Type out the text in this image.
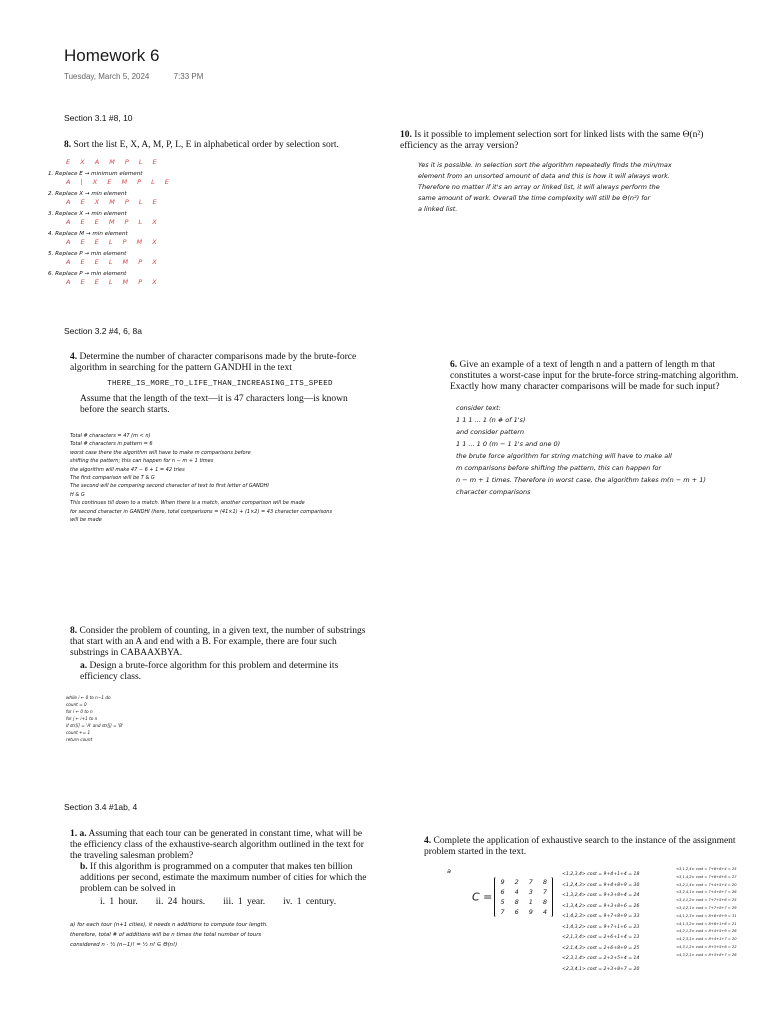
Homework 6
Tuesday, March 5, 2024	7:33 PM
Section 3.1 #8, 10
8. Sort the list E, X, A, M, P, L, E in alphabetical order by selection sort.
E X A M P L E
1. Replace E → minimum element
A | X E M P L E
2. Replace X → min element
A E X M P L E
3. Replace X → min element
A E E M P L X
4. Replace M → min element
A E E L P M X
5. Replace P → min element
A E E L M P X
6. Replace P → min element
A E E L M P X
10. Is it possible to implement selection sort for linked lists with the same Θ(n²) efficiency as the array version?
Yes it is possible. In selection sort the algorithm repeatedly finds the min/max
element from an unsorted amount of data and this is how it will always work.
Therefore no matter if it's an array or linked list, it will always perform the
same amount of work. Overall the time complexity will still be Θ(n²) for
a linked list.
Section 3.2 #4, 6, 8a
4. Determine the number of character comparisons made by the brute-force algorithm in searching for the pattern GANDHI in the text
THERE_IS_MORE_TO_LIFE_THAN_INCREASING_ITS_SPEED
Assume that the length of the text—it is 47 characters long—is known before the search starts.
Total # characters = 47 (m < n)
Total # characters in pattern = 6
worst case there the algorithm will have to make m comparisons before
shifting the pattern; this can happen for n − m + 1 times
the algorithm will make 47 − 6 + 1 = 42 tries
The first comparison will be T & G
The second will be comparing second character of text to first letter of GANDHI
H & G
This continues till down to a match. When there is a match, another comparison will be made
for second character in GANDHI (here, total comparisons = (41×1) + (1×2) = 43 character comparisons
will be made
6. Give an example of a text of length n and a pattern of length m that constitutes a worst-case input for the brute-force string-matching algorithm. Exactly how many character comparisons will be made for such input?
consider text:
1 1 1 ... 1 (n # of 1's)
and consider pattern
1 1 ... 1 0 (m − 1 1's and one 0)
the brute force algorithm for string matching will have to make all
m comparisons before shifting the pattern, this can happen for
n − m + 1 times. Therefore in worst case, the algorithm takes m(n − m + 1)
character comparisons
8. Consider the problem of counting, in a given text, the number of substrings that start with an A and end with a B. For example, there are four such substrings in CABAAXBYA.
a. Design a brute-force algorithm for this problem and determine its efficiency class.
while i ← 0 to n−1 do
count = 0
for i ← 0 to n
for j ← i+1 to n
if str[i] = 'A' and str[j] = 'B'
count += 1
return count
Section 3.4 #1ab, 4
1. a. Assuming that each tour can be generated in constant time, what will be the efficiency class of the exhaustive-search algorithm outlined in the text for the traveling salesman problem?
b. If this algorithm is programmed on a computer that makes ten billion additions per second, estimate the maximum number of cities for which the problem can be solved in
i. 1 hour. ii. 24 hours. iii. 1 year. iv. 1 century.
a) for each tour (n+1 cities), it needs n additions to compute tour length.
therefore, total # of additions will be n times the total number of tours
considered n · ½ (n−1)! = ½ n! ∈ Θ(n!)
4. Complete the application of exhaustive search to the instance of the assignment problem started in the text.
a
C =
9	2	7	8
6	4	3	7
5	8	1	8
7	6	9	4
<1,2,3,4> cost = 9+4+1+4 = 18
<1,2,4,3> cost = 9+4+8+9 = 30
<1,3,2,4> cost = 9+3+8+4 = 24
<1,3,4,2> cost = 9+3+8+6 = 26
<1,4,2,3> cost = 9+7+8+9 = 33
<1,4,3,2> cost = 9+7+1+6 = 23
<2,1,3,4> cost = 2+6+1+4 = 13
<2,1,4,3> cost = 2+6+8+9 = 25
<2,3,1,4> cost = 2+3+5+4 = 14
<2,3,4,1> cost = 2+3+8+7 = 20
<3,1,2,4> cost = 7+6+8+4 = 25
<3,1,4,2> cost = 7+6+8+6 = 27
<3,2,1,4> cost = 7+4+5+4 = 20
<3,2,4,1> cost = 7+4+8+7 = 26
<3,4,1,2> cost = 7+7+5+6 = 25
<3,4,2,1> cost = 7+7+8+7 = 29
<4,1,2,3> cost = 8+6+8+9 = 31
<4,1,3,2> cost = 8+6+1+6 = 21
<4,2,1,3> cost = 8+4+5+9 = 26
<4,2,3,1> cost = 8+4+1+7 = 20
<4,3,1,2> cost = 8+3+5+6 = 22
<4,3,2,1> cost = 8+3+8+7 = 26
